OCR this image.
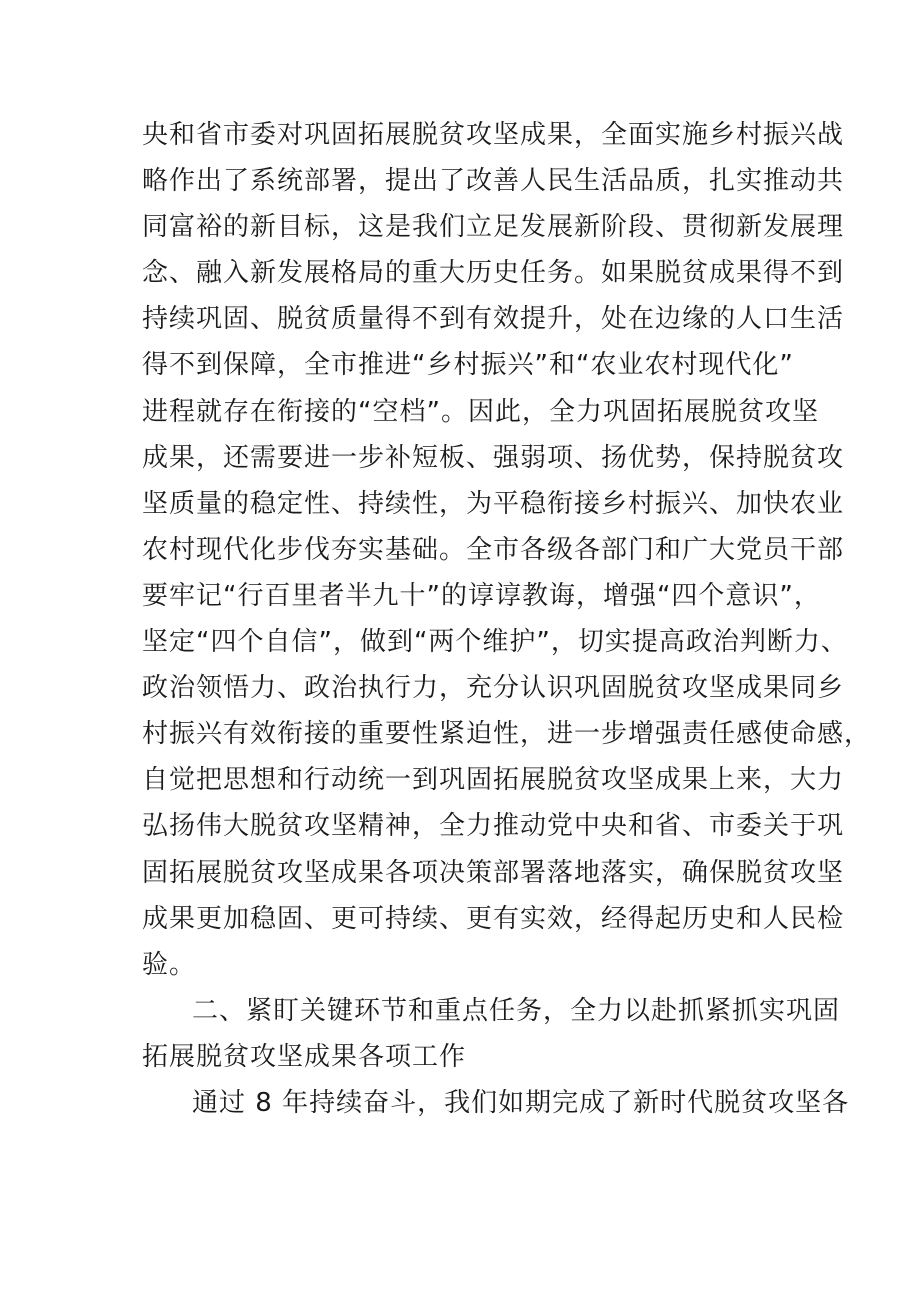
央和省市委对巩固拓展脱贫攻坚成果，全面实施乡村振兴战
略作出了系统部署，提出了改善人民生活品质，扎实推动共
同富裕的新目标，这是我们立足发展新阶段、贯彻新发展理
念、融入新发展格局的重大历史任务。如果脱贫成果得不到
持续巩固、脱贫质量得不到有效提升，处在边缘的人口生活
得不到保障，全市推进“乡村振兴”和“农业农村现代化”
进程就存在衔接的“空档”。因此，全力巩固拓展脱贫攻坚
成果，还需要进一步补短板、强弱项、扬优势，保持脱贫攻
坚质量的稳定性、持续性，为平稳衔接乡村振兴、加快农业
农村现代化步伐夯实基础。全市各级各部门和广大党员干部
要牢记“行百里者半九十”的谆谆教诲，增强“四个意识”，
坚定“四个自信”，做到“两个维护”，切实提高政治判断力、
政治领悟力、政治执行力，充分认识巩固脱贫攻坚成果同乡
村振兴有效衔接的重要性紧迫性，进一步增强责任感使命感，
自觉把思想和行动统一到巩固拓展脱贫攻坚成果上来，大力
弘扬伟大脱贫攻坚精神，全力推动党中央和省、市委关于巩
固拓展脱贫攻坚成果各项决策部署落地落实，确保脱贫攻坚
成果更加稳固、更可持续、更有实效，经得起历史和人民检
验。
二、紧盯关键环节和重点任务，全力以赴抓紧抓实巩固
拓展脱贫攻坚成果各项工作
通过 8 年持续奋斗，我们如期完成了新时代脱贫攻坚各
